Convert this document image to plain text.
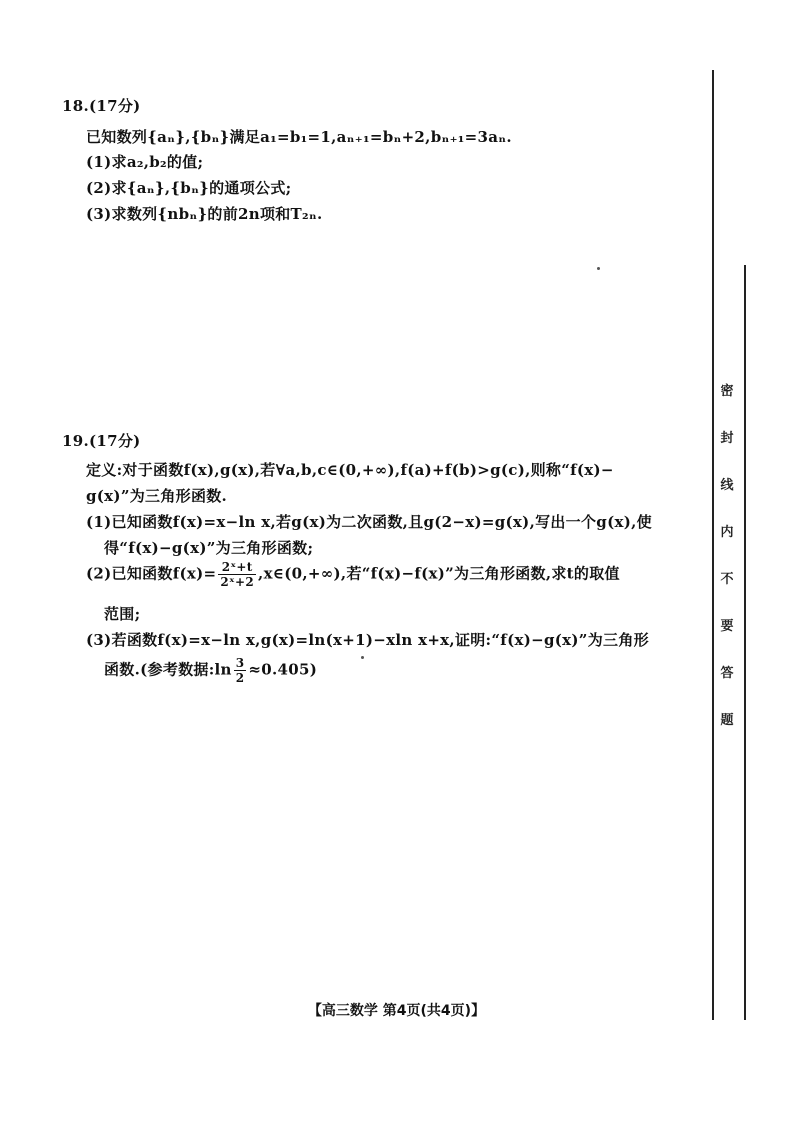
18.(17分)
已知数列{aₙ},{bₙ}满足a₁=b₁=1,aₙ₊₁=bₙ+2,bₙ₊₁=3aₙ.
(1)求a₂,b₂的值;
(2)求{aₙ},{bₙ}的通项公式;
(3)求数列{nbₙ}的前2n项和T₂ₙ.
19.(17分)
定义:对于函数f(x),g(x),若∀a,b,c∈(0,+∞),f(a)+f(b)>g(c),则称“f(x)−
g(x)”为三角形函数.
(1)已知函数f(x)=x−ln x,若g(x)为二次函数,且g(2−x)=g(x),写出一个g(x),使
得“f(x)−g(x)”为三角形函数;
(2)已知函数$f(x)= \frac{\text{2ˣ+t}}{\text{2ˣ+2}}$ ,x∈(0,+∞),若“f(x)−f(x)”为三角形函数,求t的取值
范围;
(3)若函数f(x)=x−ln x,g(x)=ln(x+1)−xln x+x,证明:“f(x)−g(x)”为三角形
函数.(参考数据:ln $\frac{3}{2} \approx 0.405$)
密
封
线
内
不
要
答
题
【高三数学 第4页(共4页)】
